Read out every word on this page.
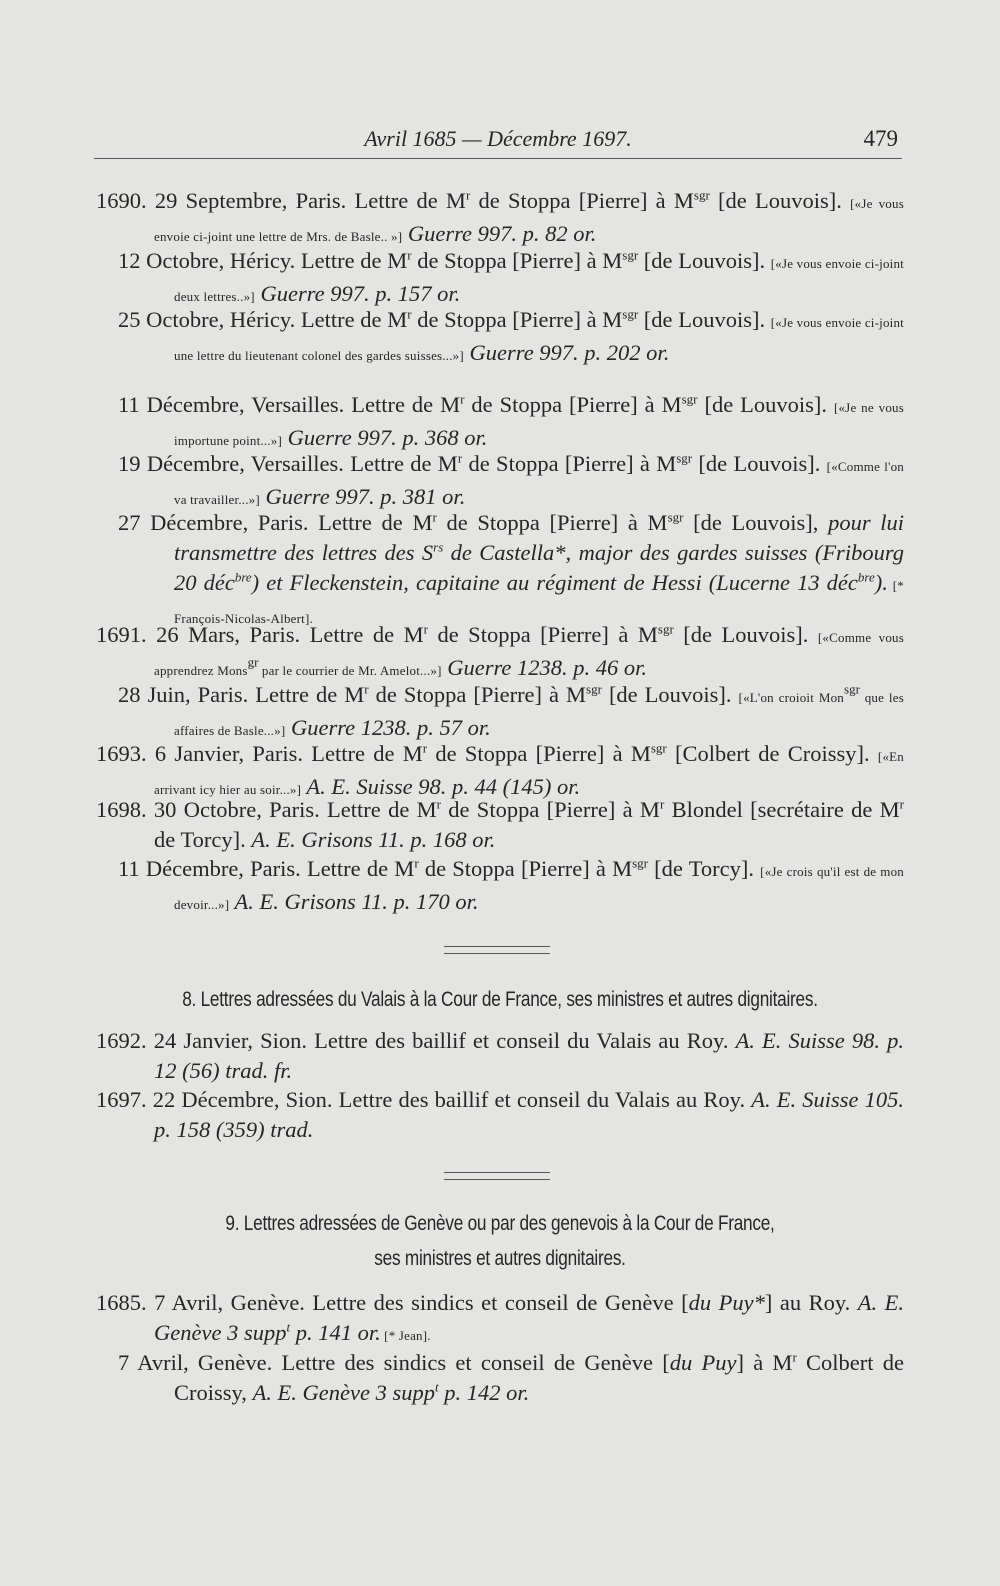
Avril 1685 — Décembre 1697.	479
1690. 29 Septembre, Paris. Lettre de $M^r$ de Stoppa [Pierre] à $M^{sgr}$ [de Louvois]. [«Je vous envoie ci-joint une lettre de Mrs. de Basle.. »] Guerre 997. p. 82 or.
12 Octobre, Héricy. Lettre de $M^r$ de Stoppa [Pierre] à $M^{sgr}$ [de Louvois]. [«Je vous envoie ci-joint deux lettres..»] Guerre 997. p. 157 or.
25 Octobre, Héricy. Lettre de $M^r$ de Stoppa [Pierre] à $M^{sgr}$ [de Louvois]. [«Je vous envoie ci-joint une lettre du lieutenant colonel des gardes suisses...»] Guerre 997. p. 202 or.
11 Décembre, Versailles. Lettre de $M^r$ de Stoppa [Pierre] à $M^{sgr}$ [de Louvois]. [«Je ne vous importune point...»] Guerre 997. p. 368 or.
19 Décembre, Versailles. Lettre de $M^r$ de Stoppa [Pierre] à $M^{sgr}$ [de Louvois]. [«Comme l'on va travailler...»] Guerre 997. p. 381 or.
27 Décembre, Paris. Lettre de $M^r$ de Stoppa [Pierre] à $M^{sgr}$ [de Louvois], pour lui transmettre des lettres des S$^{rs}$ de Castella*, major des gardes suisses (Fribourg 20 déc$^{bre}$) et Fleckenstein, capitaine au régiment de Hessi (Lucerne 13 déc$^{bre}$). [* François-Nicolas-Albert].
1691. 26 Mars, Paris. Lettre de $M^r$ de Stoppa [Pierre] à $M^{sgr}$ [de Louvois]. [«Comme vous apprendrez Mons$^{gr}$ par le courrier de Mr. Amelot...»] Guerre 1238. p. 46 or.
28 Juin, Paris. Lettre de $M^r$ de Stoppa [Pierre] à $M^{sgr}$ [de Louvois]. [«L'on croioit Mon$^{sgr}$ que les affaires de Basle...»] Guerre 1238. p. 57 or.
1693. 6 Janvier, Paris. Lettre de $M^r$ de Stoppa [Pierre] à $M^{sgr}$ [Colbert de Croissy]. [«En arrivant icy hier au soir...»] A. E. Suisse 98. p. 44 (145) or.
1698. 30 Octobre, Paris. Lettre de $M^r$ de Stoppa [Pierre] à $M^r$ Blondel [secrétaire de $M^r$ de Torcy]. A. E. Grisons 11. p. 168 or.
11 Décembre, Paris. Lettre de $M^r$ de Stoppa [Pierre] à $M^{sgr}$ [de Torcy]. [«Je crois qu'il est de mon devoir...»] A. E. Grisons 11. p. 170 or.
8. Lettres adressées du Valais à la Cour de France, ses ministres et autres dignitaires.
1692. 24 Janvier, Sion. Lettre des baillif et conseil du Valais au Roy. A. E. Suisse 98. p. 12 (56) trad. fr.
1697. 22 Décembre, Sion. Lettre des baillif et conseil du Valais au Roy. A. E. Suisse 105. p. 158 (359) trad.
9. Lettres adressées de Genève ou par des genevois à la Cour de France,
ses ministres et autres dignitaires.
1685. 7 Avril, Genève. Lettre des sindics et conseil de Genève [du Puy*] au Roy. A. E. Genève 3 supp$^t$ p. 141 or. [* Jean].
7 Avril, Genève. Lettre des sindics et conseil de Genève [du Puy] à $M^r$ Colbert de Croissy, A. E. Genève 3 supp$^t$ p. 142 or.
